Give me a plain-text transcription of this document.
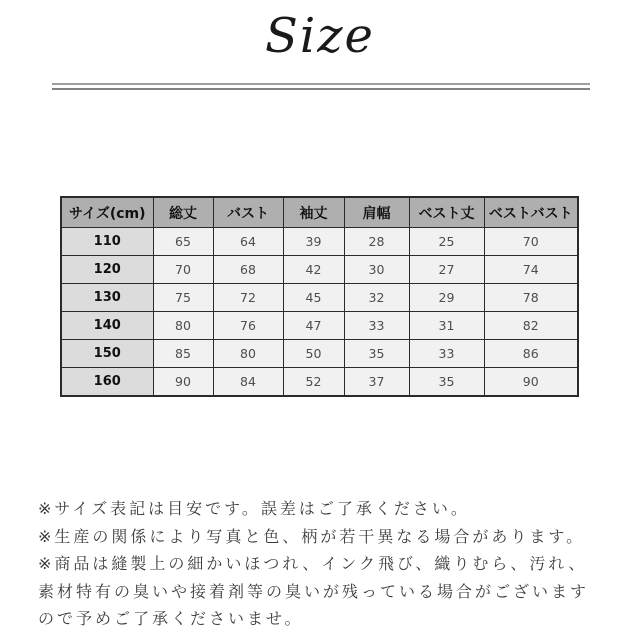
Size
サイズ(cm)	総丈	バスト	袖丈	肩幅	ベスト丈	ベストバスト
110	65	64	39	28	25	70
120	70	68	42	30	27	74
130	75	72	45	32	29	78
140	80	76	47	33	31	82
150	85	80	50	35	33	86
160	90	84	52	37	35	90
※サイズ表記は目安です。誤差はご了承ください。
※生産の関係により写真と色、柄が若干異なる場合があります。
※商品は縫製上の細かいほつれ、インク飛び、織りむら、汚れ、
素材特有の臭いや接着剤等の臭いが残っている場合がございます
ので予めご了承くださいませ。
